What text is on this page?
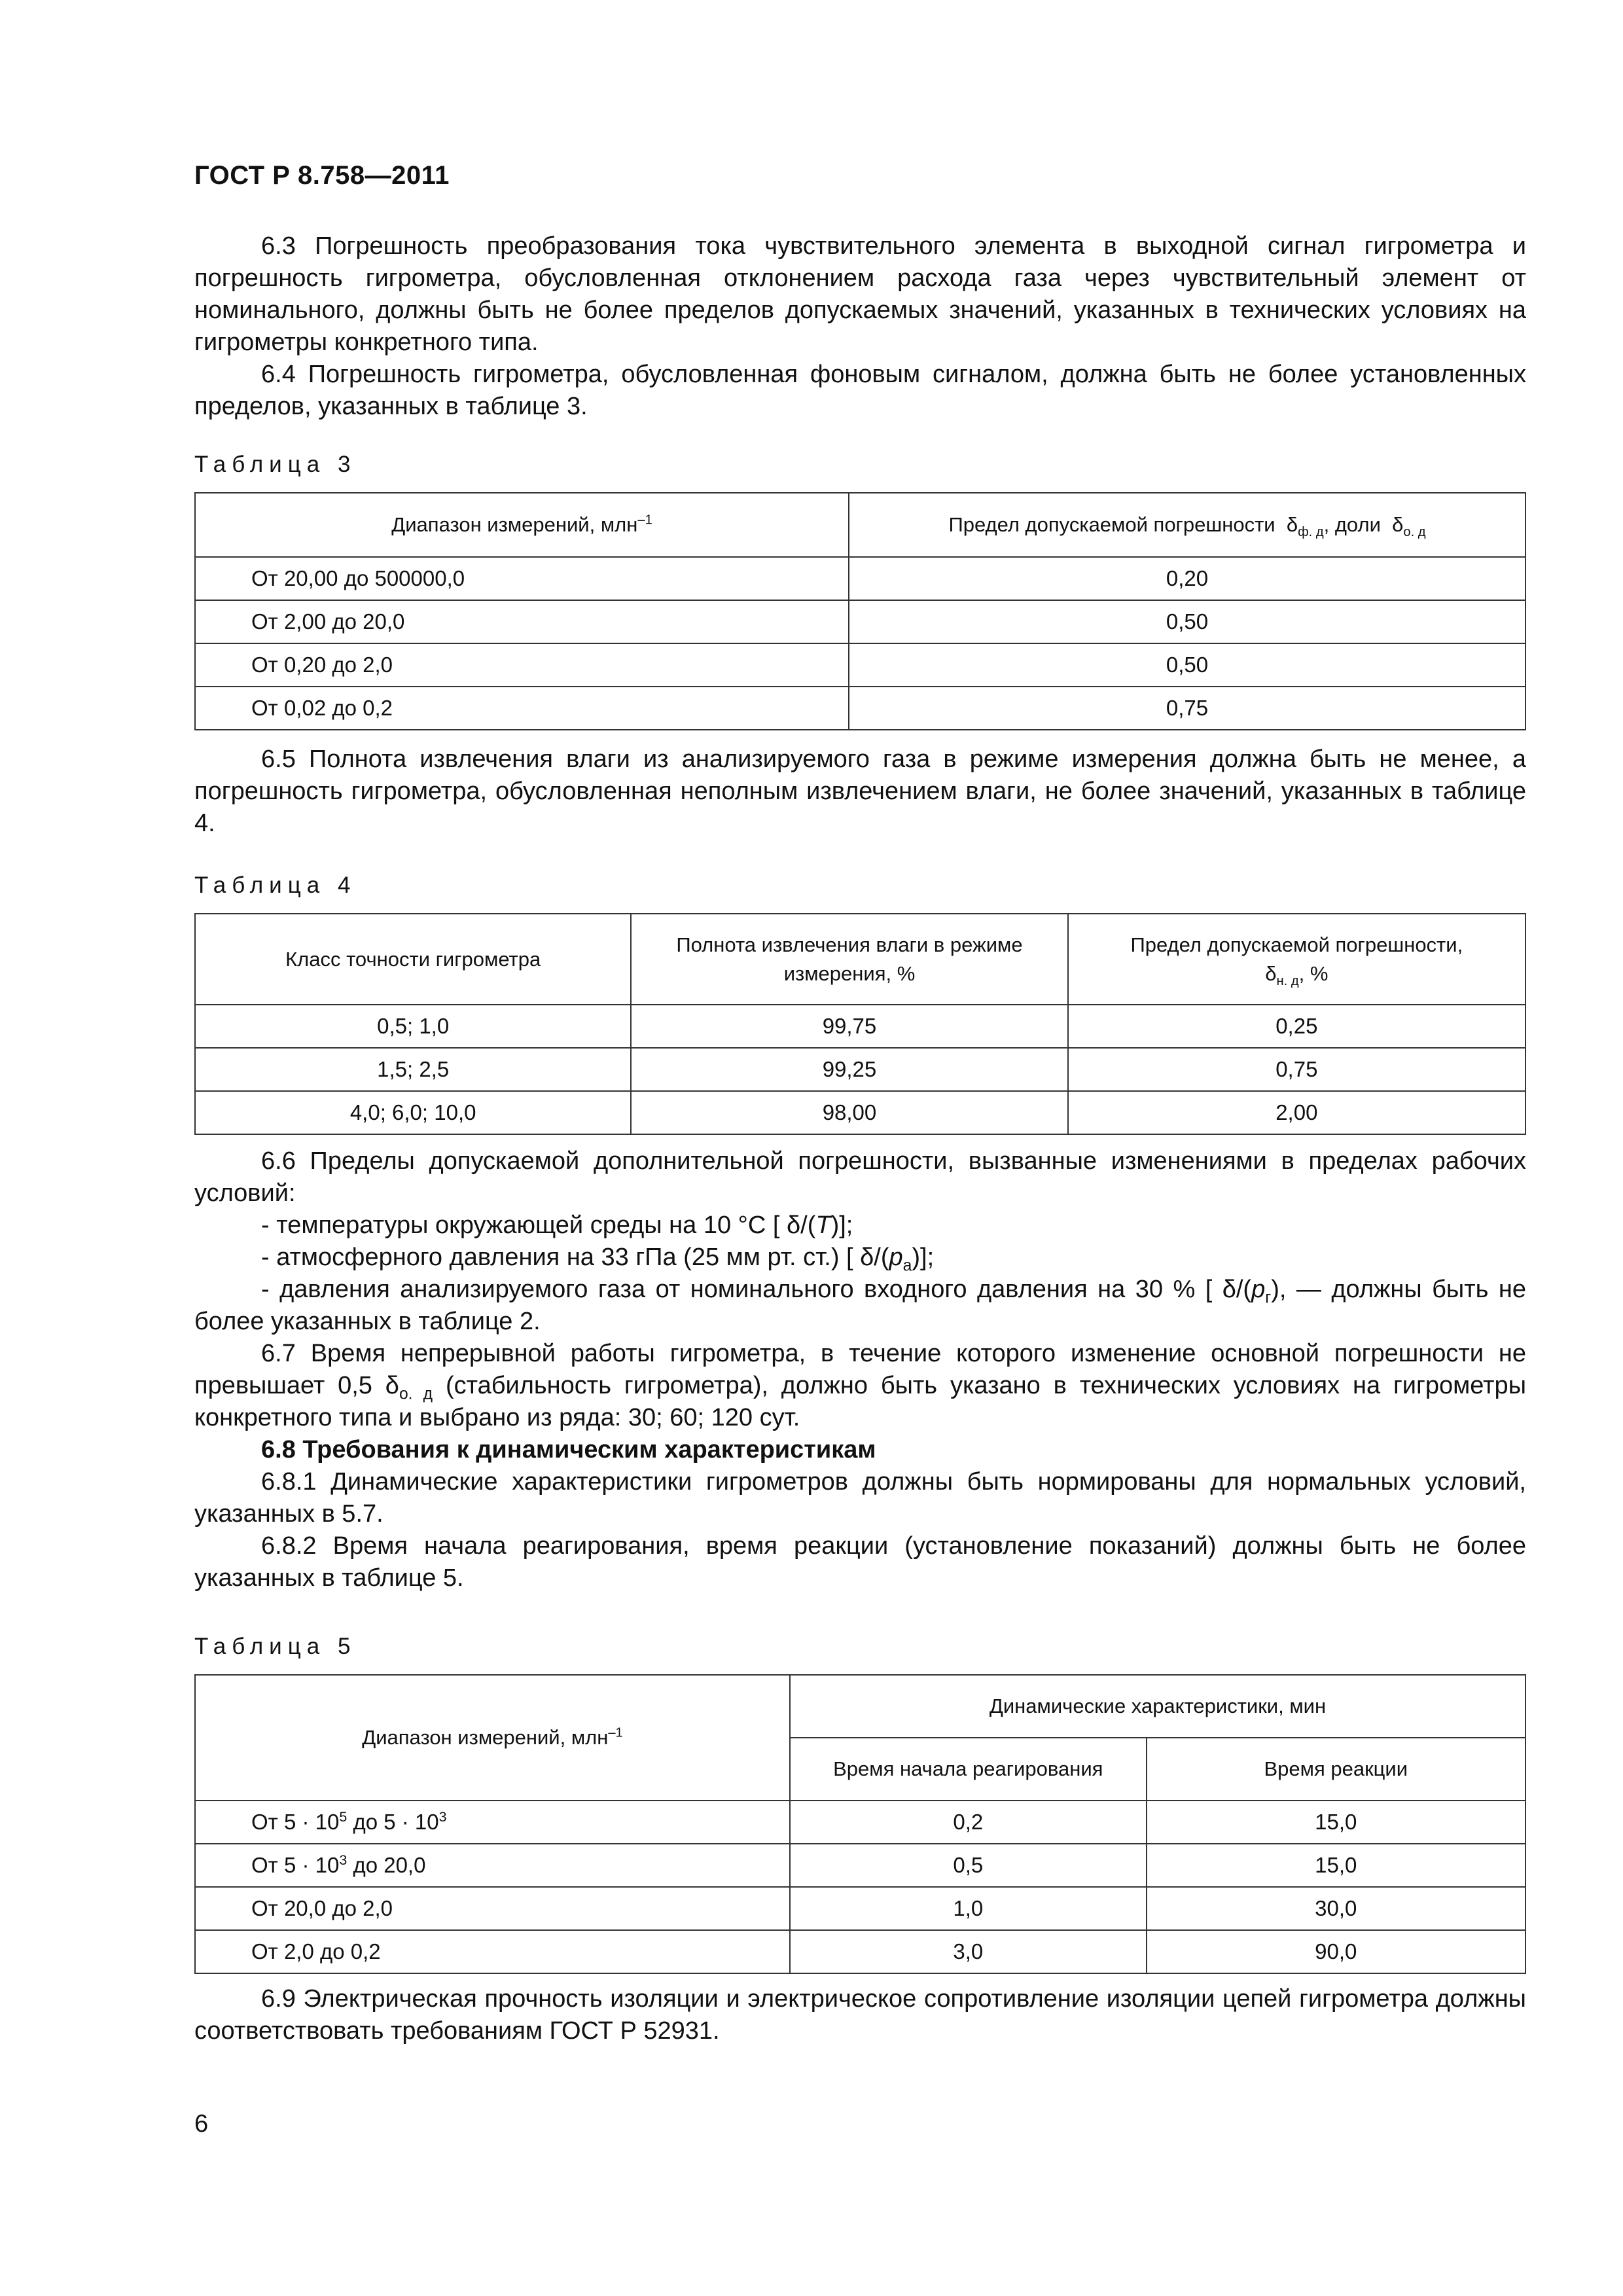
ГОСТ Р 8.758—2011

6.3 Погрешность преобразования тока чувствительного элемента в выходной сигнал гигрометра и погрешность гигрометра, обусловленная отклонением расхода газа через чувствительный элемент от номинального, должны быть не более пределов допускаемых значений, указанных в технических условиях на гигрометры конкретного типа.

6.4 Погрешность гигрометра, обусловленная фоновым сигналом, должна быть не более установленных пределов, указанных в таблице 3.

Таблица 3

Диапазон измерений, млн$^{-1}$	Предел допускаемой погрешности $\delta_{ф. д}$, доли $\delta_{о. д}$
От 20,00 до 500000,0	0,20
От 2,00 до 20,0	0,50
От 0,20 до 2,0	0,50
От 0,02 до 0,2	0,75

6.5 Полнота извлечения влаги из анализируемого газа в режиме измерения должна быть не менее, а погрешность гигрометра, обусловленная неполным извлечением влаги, не более значений, указанных в таблице 4.

Таблица 4

Класс точности гигрометра	Полнота извлечения влаги в режиме измерения, %	Предел допускаемой погрешности,
$\delta_{н. д}$, %
0,5; 1,0	99,75	0,25
1,5; 2,5	99,25	0,75
4,0; 6,0; 10,0	98,00	2,00

6.6 Пределы допускаемой дополнительной погрешности, вызванные изменениями в пределах рабочих условий:

- температуры окружающей среды на 10 °C [ δ/(T)];

- атмосферного давления на 33 гПа (25 мм рт. ст.) [ $\delta/(p_a)$];

- давления анализируемого газа от номинального входного давления на 30 % [ $\delta/(p_г)$, — должны быть не более указанных в таблице 2.

6.7 Время непрерывной работы гигрометра, в течение которого изменение основной погрешности не превышает 0,5 $\delta_{о. д}$ (стабильность гигрометра), должно быть указано в технических условиях на гигрометры конкретного типа и выбрано из ряда: 30; 60; 120 сут.

6.8 Требования к динамическим характеристикам

6.8.1 Динамические характеристики гигрометров должны быть нормированы для нормальных условий, указанных в 5.7.

6.8.2 Время начала реагирования, время реакции (установление показаний) должны быть не более указанных в таблице 5.

Таблица 5

Диапазон измерений, млн$^{-1}$	Динамические характеристики, мин	
	Время начала реагирования	Время реакции
От $5 \cdot 10^5$ до $5 \cdot 10^3$	0,2	15,0
От $5 \cdot 10^3$ до 20,0	0,5	15,0
От 20,0 до 2,0	1,0	30,0
От 2,0 до 0,2	3,0	90,0

6.9 Электрическая прочность изоляции и электрическое сопротивление изоляции цепей гигрометра должны соответствовать требованиям ГОСТ Р 52931.

6
